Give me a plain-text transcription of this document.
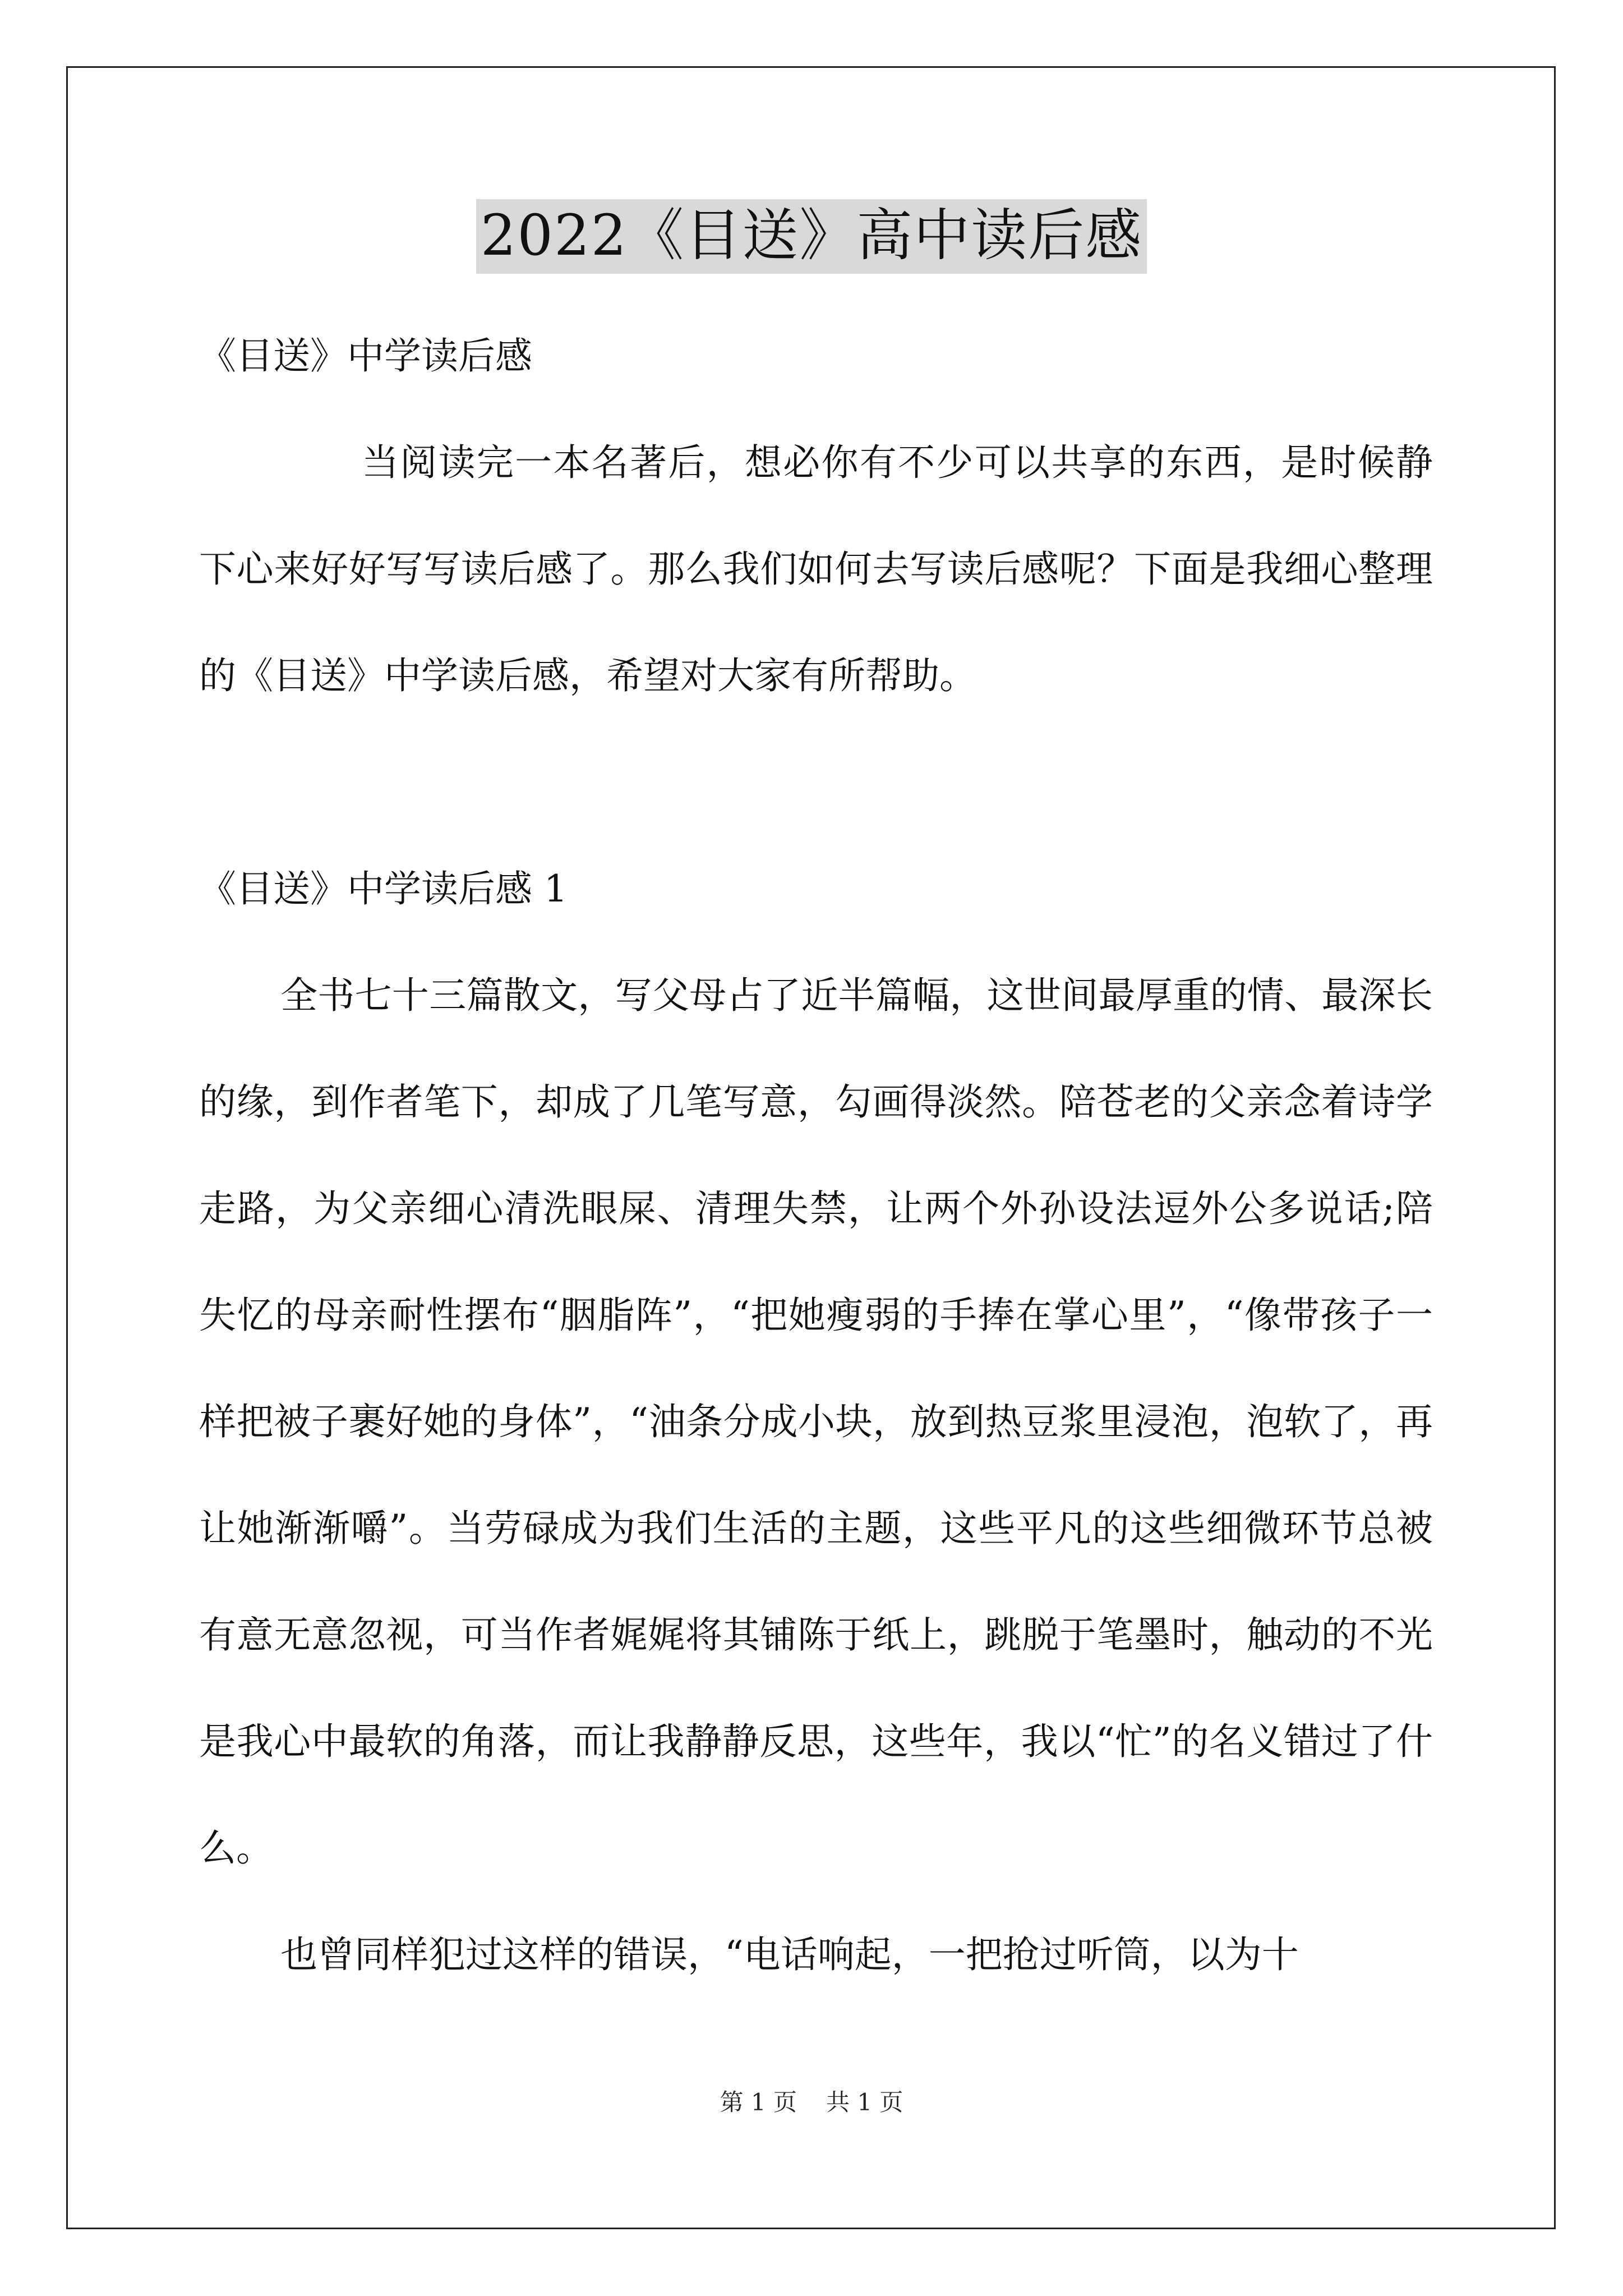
2022《目送》高中读后感

《目送》中学读后感

当阅读完一本名著后，想必你有不少可以共享的东西，是时候静下心来好好写写读后感了。那么我们如何去写读后感呢？下面是我细心整理的《目送》中学读后感，希望对大家有所帮助。

《目送》中学读后感 1

全书七十三篇散文，写父母占了近半篇幅，这世间最厚重的情、最深长的缘，到作者笔下，却成了几笔写意，勾画得淡然。陪苍老的父亲念着诗学走路，为父亲细心清洗眼屎、清理失禁，让两个外孙设法逗外公多说话;陪失忆的母亲耐性摆布“胭脂阵”，“把她瘦弱的手捧在掌心里”，“像带孩子一样把被子裹好她的身体”，“油条分成小块，放到热豆浆里浸泡，泡软了，再让她渐渐嚼”。当劳碌成为我们生活的主题，这些平凡的这些细微环节总被有意无意忽视，可当作者娓娓将其铺陈于纸上，跳脱于笔墨时，触动的不光是我心中最软的角落，而让我静静反思，这些年，我以“忙”的名义错过了什么。

也曾同样犯过这样的错误，“电话响起，一把抢过听筒，以为十

第 1 页 共 1 页
